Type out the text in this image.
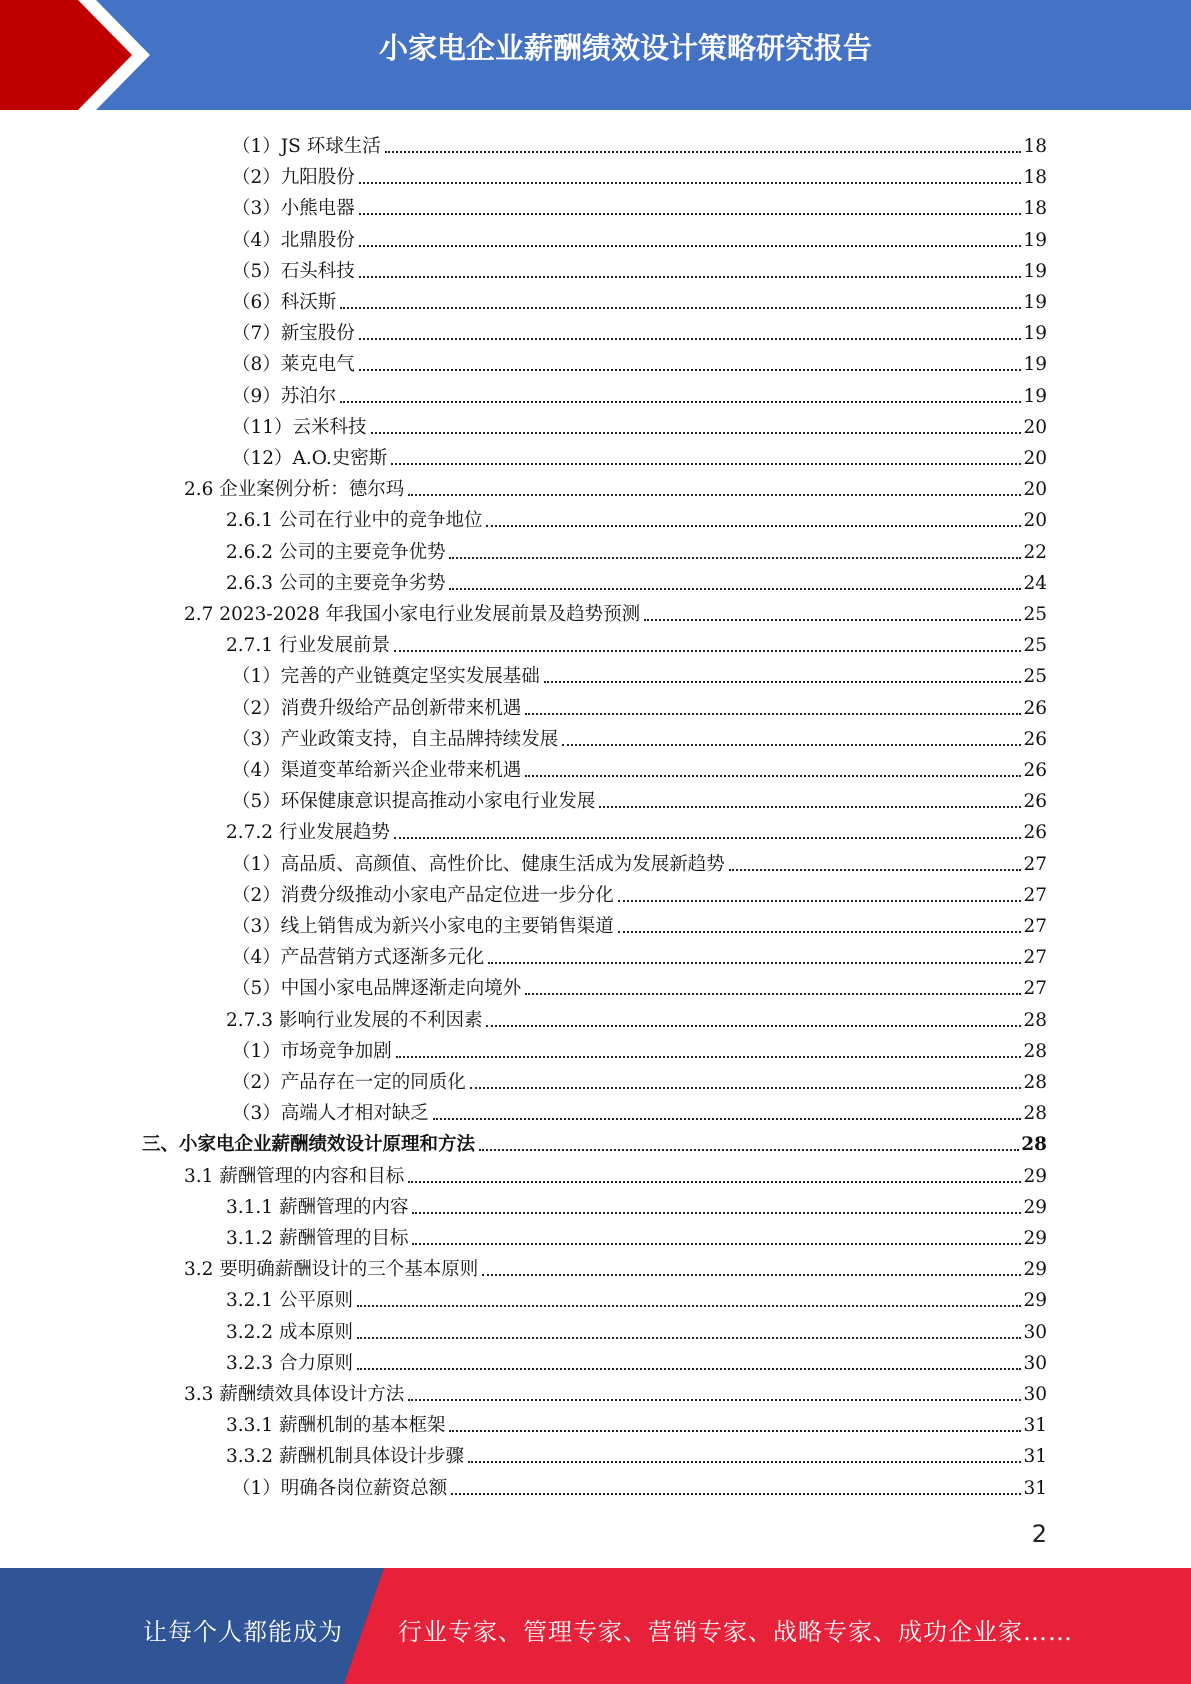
小家电企业薪酬绩效设计策略研究报告
（1）JS 环球生活	18
（2）九阳股份	18
（3）小熊电器	18
（4）北鼎股份	19
（5）石头科技	19
（6）科沃斯	19
（7）新宝股份	19
（8）莱克电气	19
（9）苏泊尔	19
（11）云米科技	20
（12）A.O.史密斯	20
2.6 企业案例分析：德尔玛	20
2.6.1 公司在行业中的竞争地位	20
2.6.2 公司的主要竞争优势	22
2.6.3 公司的主要竞争劣势	24
2.7 2023-2028 年我国小家电行业发展前景及趋势预测	25
2.7.1 行业发展前景	25
（1）完善的产业链奠定坚实发展基础	25
（2）消费升级给产品创新带来机遇	26
（3）产业政策支持，自主品牌持续发展	26
（4）渠道变革给新兴企业带来机遇	26
（5）环保健康意识提高推动小家电行业发展	26
2.7.2 行业发展趋势	26
（1）高品质、高颜值、高性价比、健康生活成为发展新趋势	27
（2）消费分级推动小家电产品定位进一步分化	27
（3）线上销售成为新兴小家电的主要销售渠道	27
（4）产品营销方式逐渐多元化	27
（5）中国小家电品牌逐渐走向境外	27
2.7.3 影响行业发展的不利因素	28
（1）市场竞争加剧	28
（2）产品存在一定的同质化	28
（3）高端人才相对缺乏	28
三、小家电企业薪酬绩效设计原理和方法	28
3.1 薪酬管理的内容和目标	29
3.1.1 薪酬管理的内容	29
3.1.2 薪酬管理的目标	29
3.2 要明确薪酬设计的三个基本原则	29
3.2.1 公平原则	29
3.2.2 成本原则	30
3.2.3 合力原则	30
3.3 薪酬绩效具体设计方法	30
3.3.1 薪酬机制的基本框架	31
3.3.2 薪酬机制具体设计步骤	31
（1）明确各岗位薪资总额	31
2
让每个人都能成为 行业专家、管理专家、营销专家、战略专家、成功企业家……
